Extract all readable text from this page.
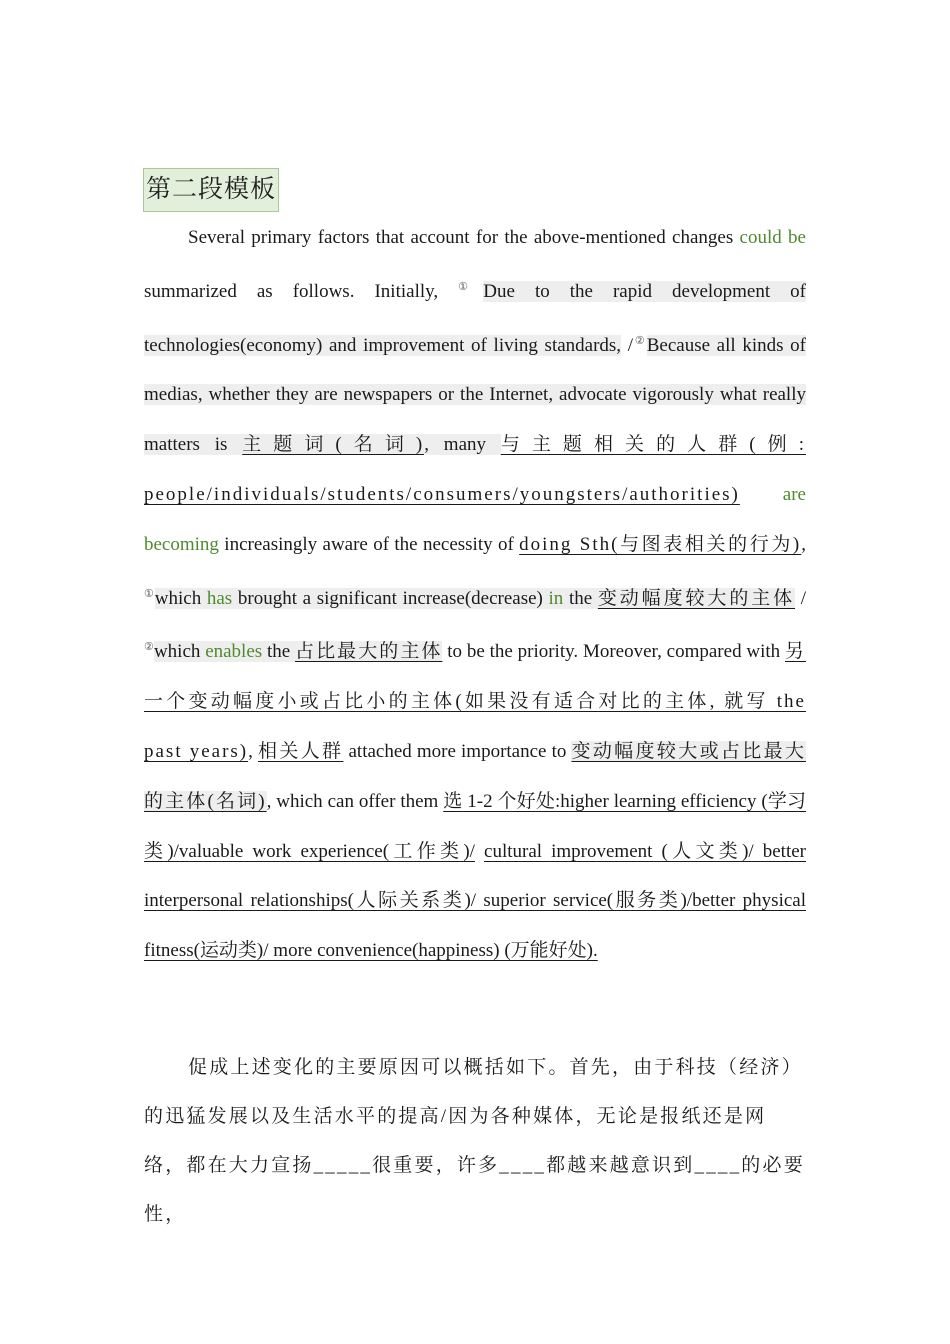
第二段模板
Several primary factors that account for the above-mentioned changes could be summarized as follows. Initially, ①Due to the rapid development of technologies(economy) and improvement of living standards, /②Because all kinds of medias, whether they are newspapers or the Internet, advocate vigorously what really matters is 主题词(名词), many 与主题相关的人群(例: people/individuals/students/consumers/youngsters/authorities) are becoming increasingly aware of the necessity of doing Sth(与图表相关的行为), ①which has brought a significant increase(decrease) in the 变动幅度较大的主体 / ②which enables the 占比最大的主体 to be the priority. Moreover, compared with 另一个变动幅度小或占比小的主体(如果没有适合对比的主体, 就写 the past years), 相关人群 attached more importance to 变动幅度较大或占比最大的主体(名词), which can offer them 选 1-2 个好处:higher learning efficiency (学习类)/valuable work experience(工作类)/ cultural improvement (人文类)/ better interpersonal relationships(人际关系类)/ superior service(服务类)/better physical fitness(运动类)/ more convenience(happiness) (万能好处).
促成上述变化的主要原因可以概括如下。首先，由于科技（经济）的迅猛发展以及生活水平的提高/因为各种媒体，无论是报纸还是网络，都在大力宣扬_____很重要，许多____都越来越意识到____的必要性，
